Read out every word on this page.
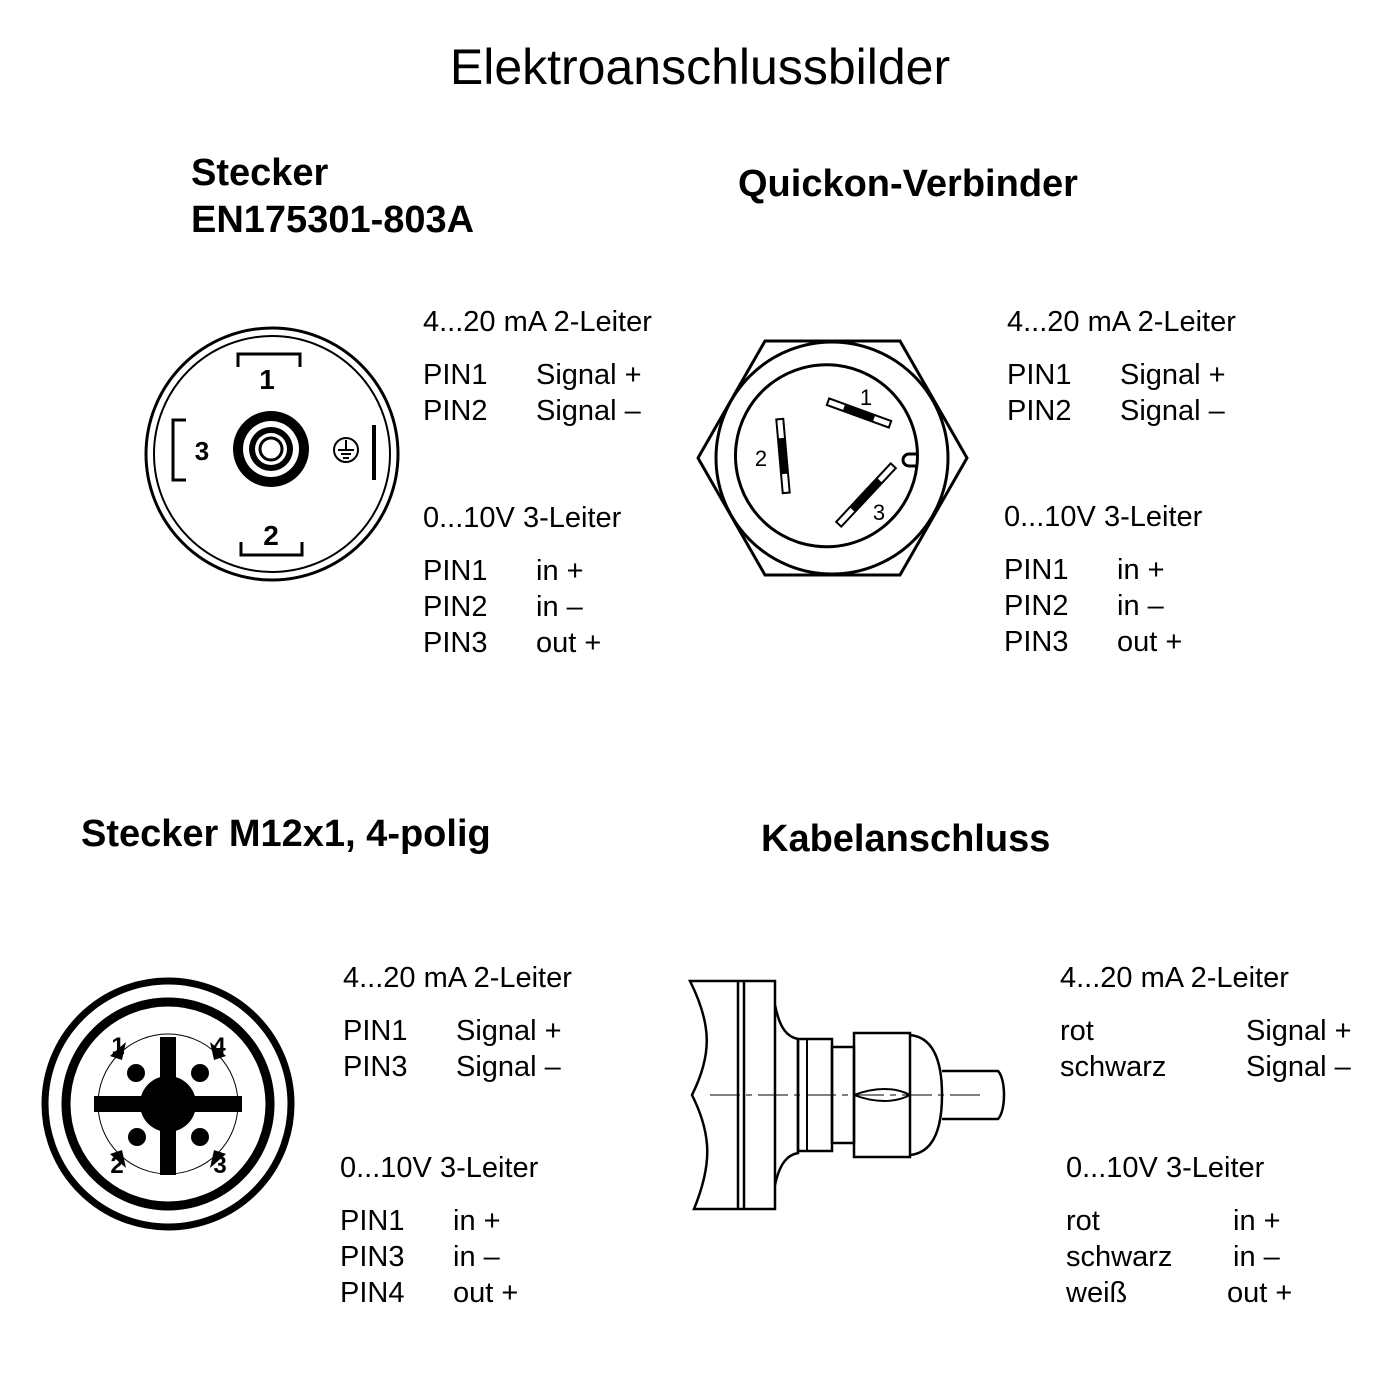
Elektroanschlussbilder
Stecker
EN175301-803A
1
2
3
4...20 mA 2-Leiter
PIN1 Signal +
PIN2 Signal –
0...10V 3-Leiter
PIN1 in +
PIN2 in –
PIN3 out +
Quickon-Verbinder
1
2
3
4...20 mA 2-Leiter
PIN1 Signal +
PIN2 Signal –
0...10V 3-Leiter
PIN1 in +
PIN2 in –
PIN3 out +
Stecker M12x1, 4-polig
1	4
2	3
4...20 mA 2-Leiter
PIN1 Signal +
PIN3 Signal –
0...10V 3-Leiter
PIN1 in +
PIN3 in –
PIN4 out +
Kabelanschluss
4...20 mA 2-Leiter
rot	Signal +
schwarz	Signal –
0...10V 3-Leiter
rot	in +
schwarz in –
weiß	out +
